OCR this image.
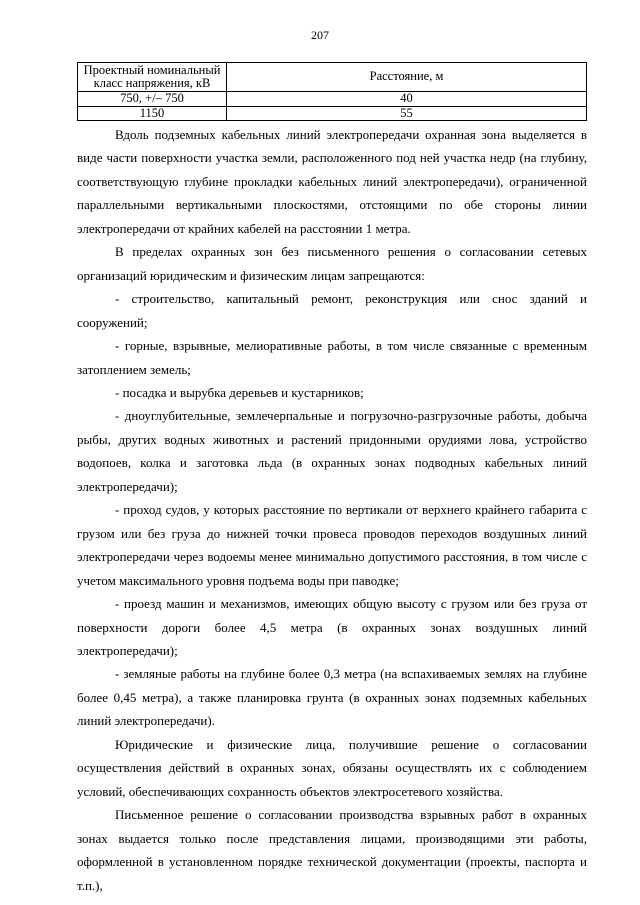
207
Проектный номинальный класс напряжения, кВ	Расстояние, м
750, +/– 750	40
1150	55

Вдоль подземных кабельных линий электропередачи охранная зона выделяется в виде части поверхности участка земли, расположенного под ней участка недр (на глубину, соответствующую глубине прокладки кабельных линий электропередачи), ограниченной параллельными вертикальными плоскостями, отстоящими по обе стороны линии электропередачи от крайних кабелей на расстоянии 1 метра.

В пределах охранных зон без письменного решения о согласовании сетевых организаций юридическим и физическим лицам запрещаются:

- строительство, капитальный ремонт, реконструкция или снос зданий и сооружений;

- горные, взрывные, мелиоративные работы, в том числе связанные с временным затоплением земель;

- посадка и вырубка деревьев и кустарников;

- дноуглубительные, землечерпальные и погрузочно-разгрузочные работы, добыча рыбы, других водных животных и растений придонными орудиями лова, устройство водопоев, колка и заготовка льда (в охранных зонах подводных кабельных линий электропередачи);

- проход судов, у которых расстояние по вертикали от верхнего крайнего габарита с грузом или без груза до нижней точки провеса проводов переходов воздушных линий электропередачи через водоемы менее минимально допустимого расстояния, в том числе с учетом максимального уровня подъема воды при паводке;

- проезд машин и механизмов, имеющих общую высоту с грузом или без груза от поверхности дороги более 4,5 метра (в охранных зонах воздушных линий электропередачи);

- земляные работы на глубине более 0,3 метра (на вспахиваемых землях на глубине более 0,45 метра), а также планировка грунта (в охранных зонах подземных кабельных линий электропередачи).

Юридические и физические лица, получившие решение о согласовании осуществления действий в охранных зонах, обязаны осуществлять их с соблюдением условий, обеспечивающих сохранность объектов электросетевого хозяйства.

Письменное решение о согласовании производства взрывных работ в охранных зонах выдается только после представления лицами, производящими эти работы, оформленной в установленном порядке технической документации (проекты, паспорта и т.п.),
